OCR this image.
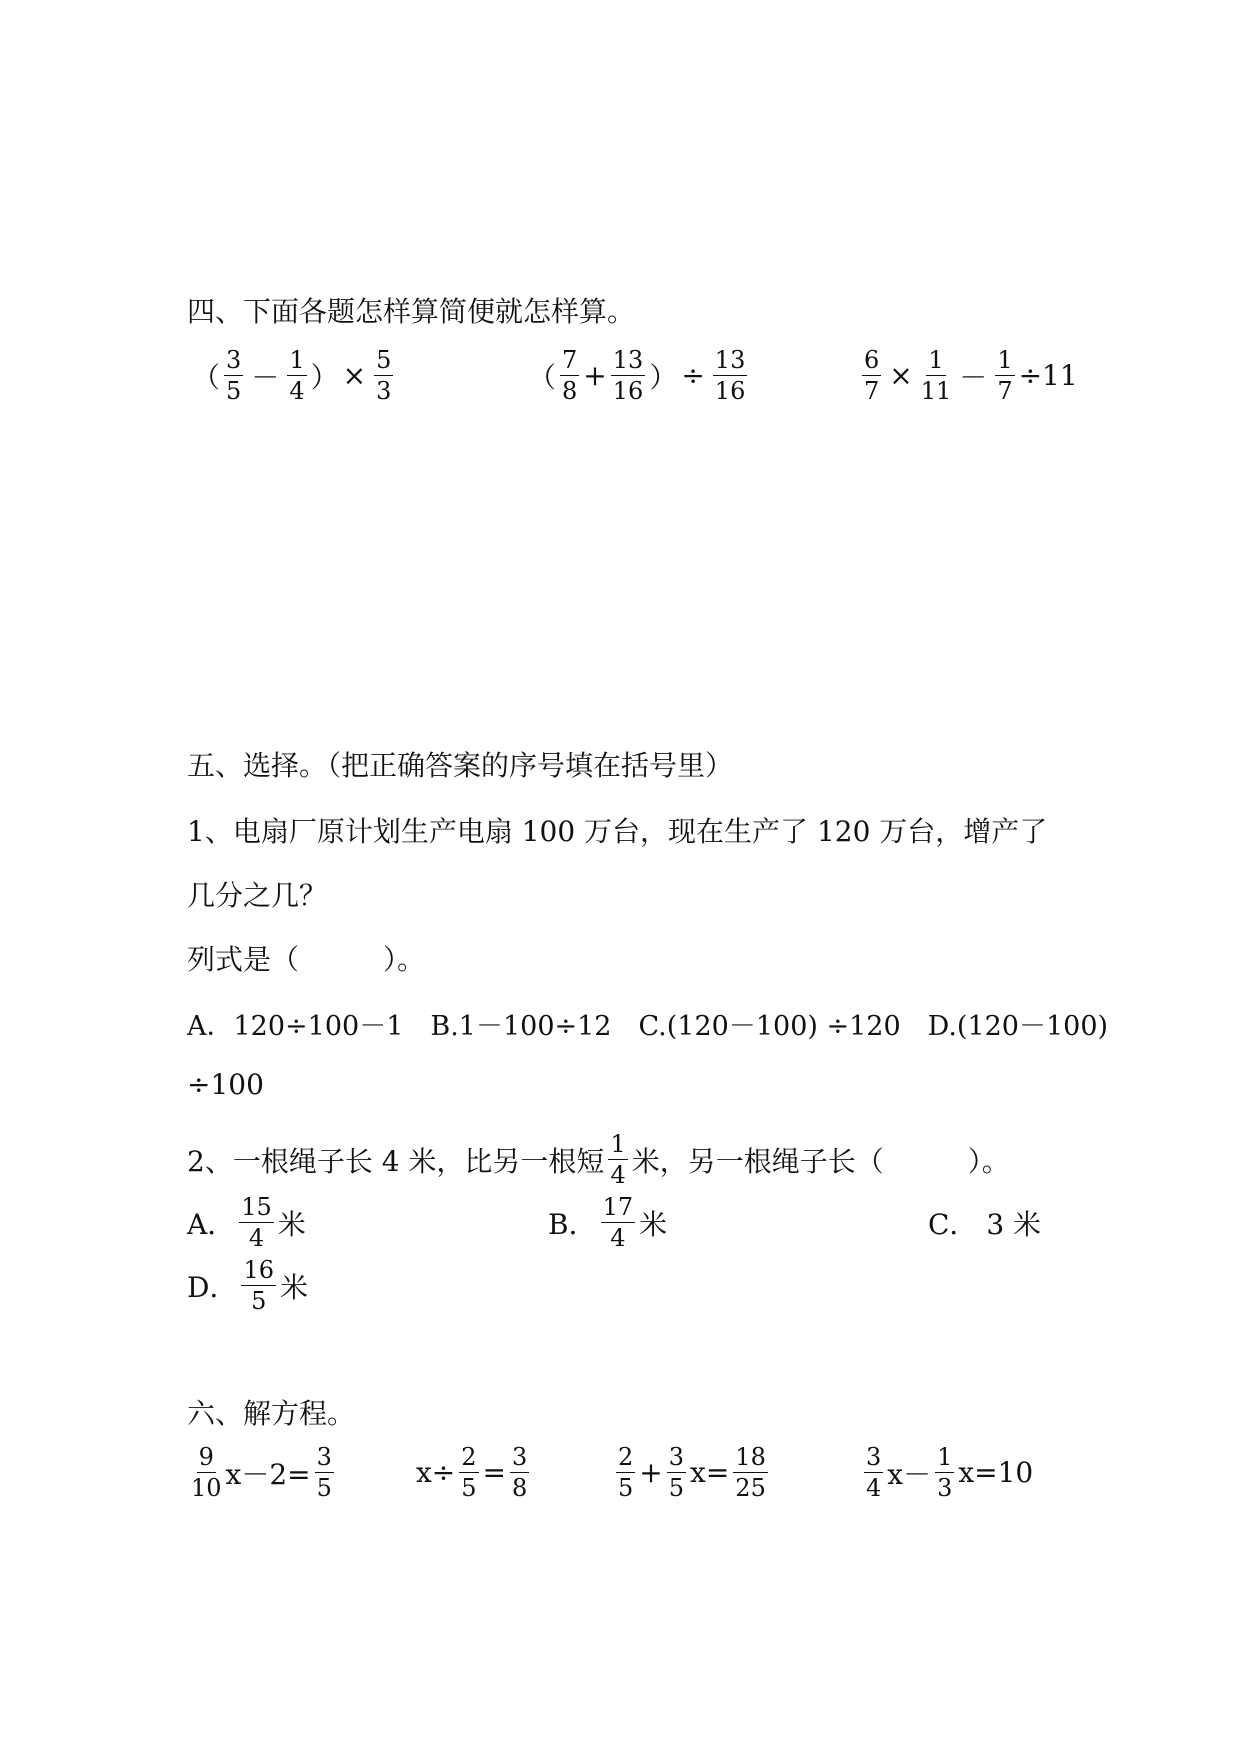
四、下面各题怎样算简便就怎样算。
（ $\frac{3}{5} - \frac{1}{4}$ ） × $\frac{5}{3}$	（ $\frac{7}{8} + \frac{13}{16}$ ） ÷ $\frac{13}{16}$	$\frac{6}{7} \times \frac{1}{11} - \frac{1}{7} \div 11$
五、选择。（把正确答案的序号填在括号里）
1、电扇厂原计划生产电扇 100 万台，现在生产了 120 万台，增产了
几分之几？
列式是（　　　）。
A．120÷100－1　B.1－100÷12　C.(120－100) ÷120　D.(120－100)
÷100
2、一根绳子长 4 米，比另一根短 $\frac{1}{4}$ 米，另一根绳子长（　　　）。
A． $\frac{15}{4}$ 米	B． $\frac{17}{4}$ 米	C． 3 米
D． $\frac{16}{5}$ 米
六、解方程。
$\frac{9}{10} x-2= \frac{3}{5}$	$x\div \frac{2}{5} = \frac{3}{8}$	$\frac{2}{5} + \frac{3}{5} x= \frac{18}{25}$	$\frac{3}{4} x- \frac{1}{3} x=10$
